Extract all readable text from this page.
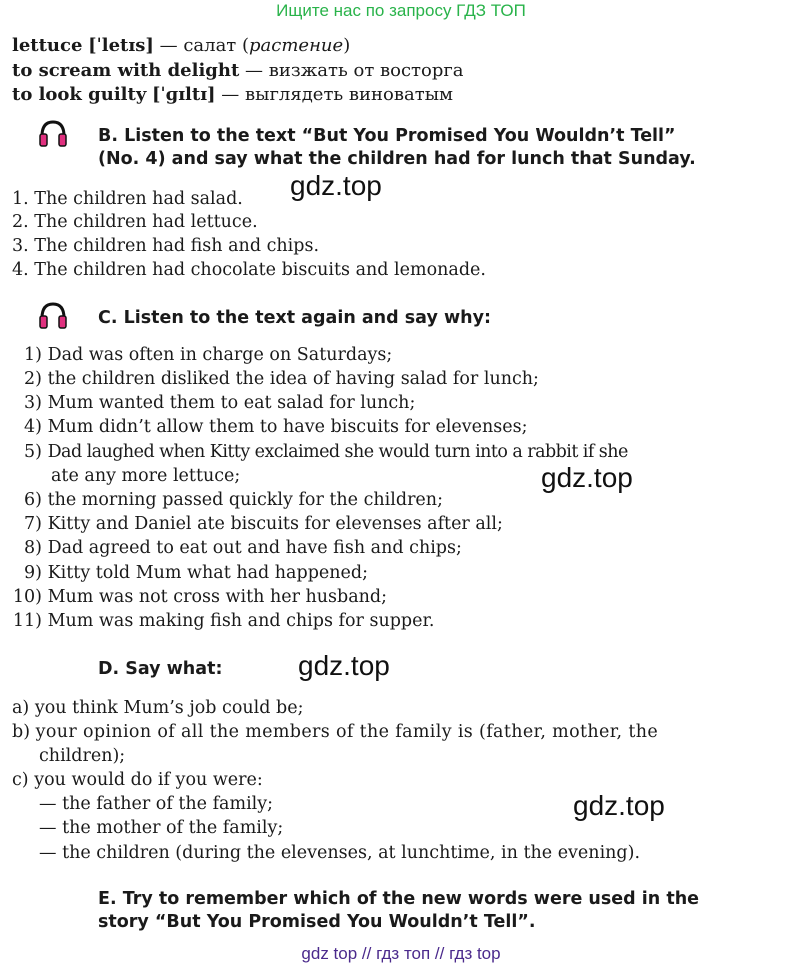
Ищите нас по запросу ГДЗ ТОП
lettuce [ˈletɪs] — салат (растение)
to scream with delight — визжать от восторга
to look guilty [ˈɡɪltɪ] — выглядеть виноватым
B. Listen to the text “But You Promised You Wouldn’t Tell”
(No. 4) and say what the children had for lunch that Sunday.
1. The children had salad.
2. The children had lettuce.
3. The children had fish and chips.
4. The children had chocolate biscuits and lemonade.
C. Listen to the text again and say why:
1) Dad was often in charge on Saturdays;
2) the children disliked the idea of having salad for lunch;
3) Mum wanted them to eat salad for lunch;
4) Mum didn’t allow them to have biscuits for elevenses;
5) Dad laughed when Kitty exclaimed she would turn into a rabbit if she
ate any more lettuce;
6) the morning passed quickly for the children;
7) Kitty and Daniel ate biscuits for elevenses after all;
8) Dad agreed to eat out and have fish and chips;
9) Kitty told Mum what had happened;
10) Mum was not cross with her husband;
11) Mum was making fish and chips for supper.
D. Say what:
a) you think Mum’s job could be;
b) your opinion of all the members of the family is (father, mother, the
children);
c) you would do if you were:
— the father of the family;
— the mother of the family;
— the children (during the elevenses, at lunchtime, in the evening).
E. Try to remember which of the new words were used in the
story “But You Promised You Wouldn’t Tell”.
gdz.top
gdz.top
gdz.top
gdz.top
gdz top // гдз топ // гдз top
